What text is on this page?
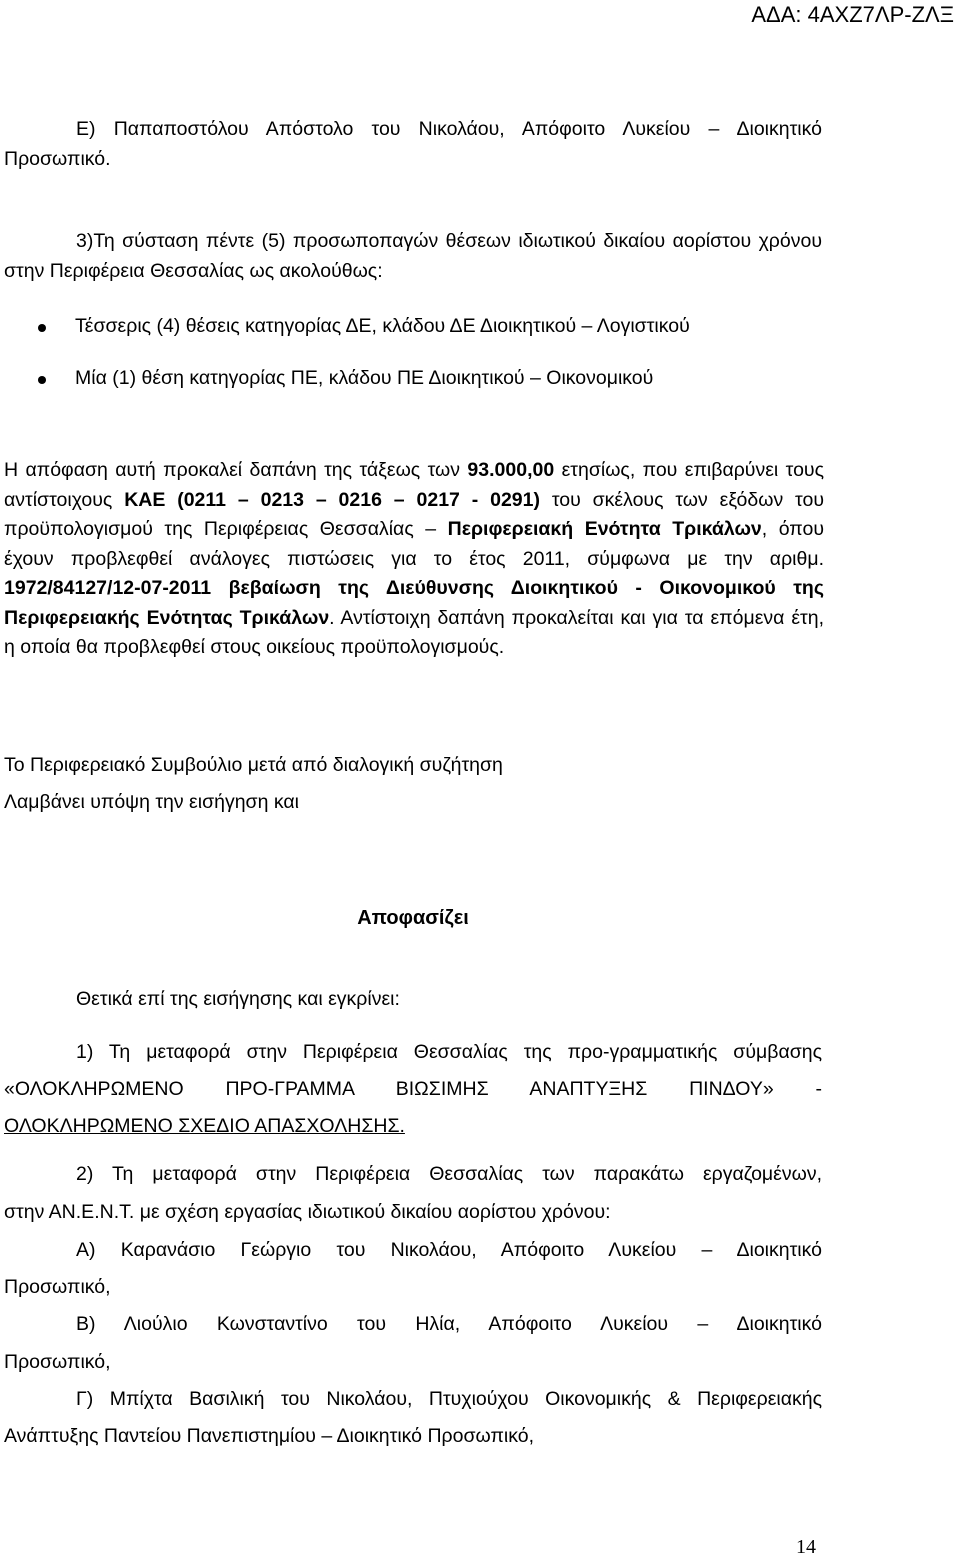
ΑΔΑ: 4ΑΧΖ7ΛΡ-ΖΛΞ
Ε) Παπαποστόλου Απόστολο του Νικολάου, Απόφοιτο Λυκείου – Διοικητικό Προσωπικό.
3)Τη σύσταση πέντε (5) προσωποπαγών θέσεων ιδιωτικού δικαίου αορίστου χρόνου στην Περιφέρεια Θεσσαλίας ως ακολούθως:
Τέσσερις (4) θέσεις κατηγορίας ΔΕ, κλάδου ΔΕ Διοικητικού – Λογιστικού
Μία (1) θέση κατηγορίας ΠΕ, κλάδου ΠΕ Διοικητικού – Οικονομικού
Η απόφαση αυτή προκαλεί δαπάνη της τάξεως των 93.000,00 ετησίως, που επιβαρύνει τους αντίστοιχους ΚΑΕ (0211 – 0213 – 0216 – 0217 - 0291) του σκέλους των εξόδων του προϋπολογισμού της Περιφέρειας Θεσσαλίας – Περιφερειακή Ενότητα Τρικάλων, όπου έχουν προβλεφθεί ανάλογες πιστώσεις για το έτος 2011, σύμφωνα με την αριθμ. 1972/84127/12-07-2011 βεβαίωση της Διεύθυνσης Διοικητικού - Οικονομικού της Περιφερειακής Ενότητας Τρικάλων. Αντίστοιχη δαπάνη προκαλείται και για τα επόμενα έτη, η οποία θα προβλεφθεί στους οικείους προϋπολογισμούς.
Το Περιφερειακό Συμβούλιο μετά από διαλογική συζήτηση
Λαμβάνει υπόψη την εισήγηση και
Αποφασίζει
Θετικά επί της εισήγησης και εγκρίνει:
1) Τη μεταφορά στην Περιφέρεια Θεσσαλίας της προ-γραμματικής σύμβασης
«ΟΛΟΚΛΗΡΩΜΕΝΟ ΠΡΟ-ΓΡΑΜΜΑ ΒΙΩΣΙΜΗΣ ΑΝΑΠΤΥΞΗΣ ΠΙΝΔΟΥ» -
ΟΛΟΚΛΗΡΩΜΕΝΟ ΣΧΕΔΙΟ ΑΠΑΣΧΟΛΗΣΗΣ.
2) Τη μεταφορά στην Περιφέρεια Θεσσαλίας των παρακάτω εργαζομένων,
στην ΑΝ.Ε.Ν.Τ. με σχέση εργασίας ιδιωτικού δικαίου αορίστου χρόνου:
Α) Καρανάσιο Γεώργιο του Νικολάου, Απόφοιτο Λυκείου – Διοικητικό
Προσωπικό,
Β) Λιούλιο Κωνσταντίνο του Ηλία, Απόφοιτο Λυκείου – Διοικητικό
Προσωπικό,
Γ) Μπίχτα Βασιλική του Νικολάου, Πτυχιούχου Οικονομικής & Περιφερειακής
Ανάπτυξης Παντείου Πανεπιστημίου – Διοικητικό Προσωπικό,
14
